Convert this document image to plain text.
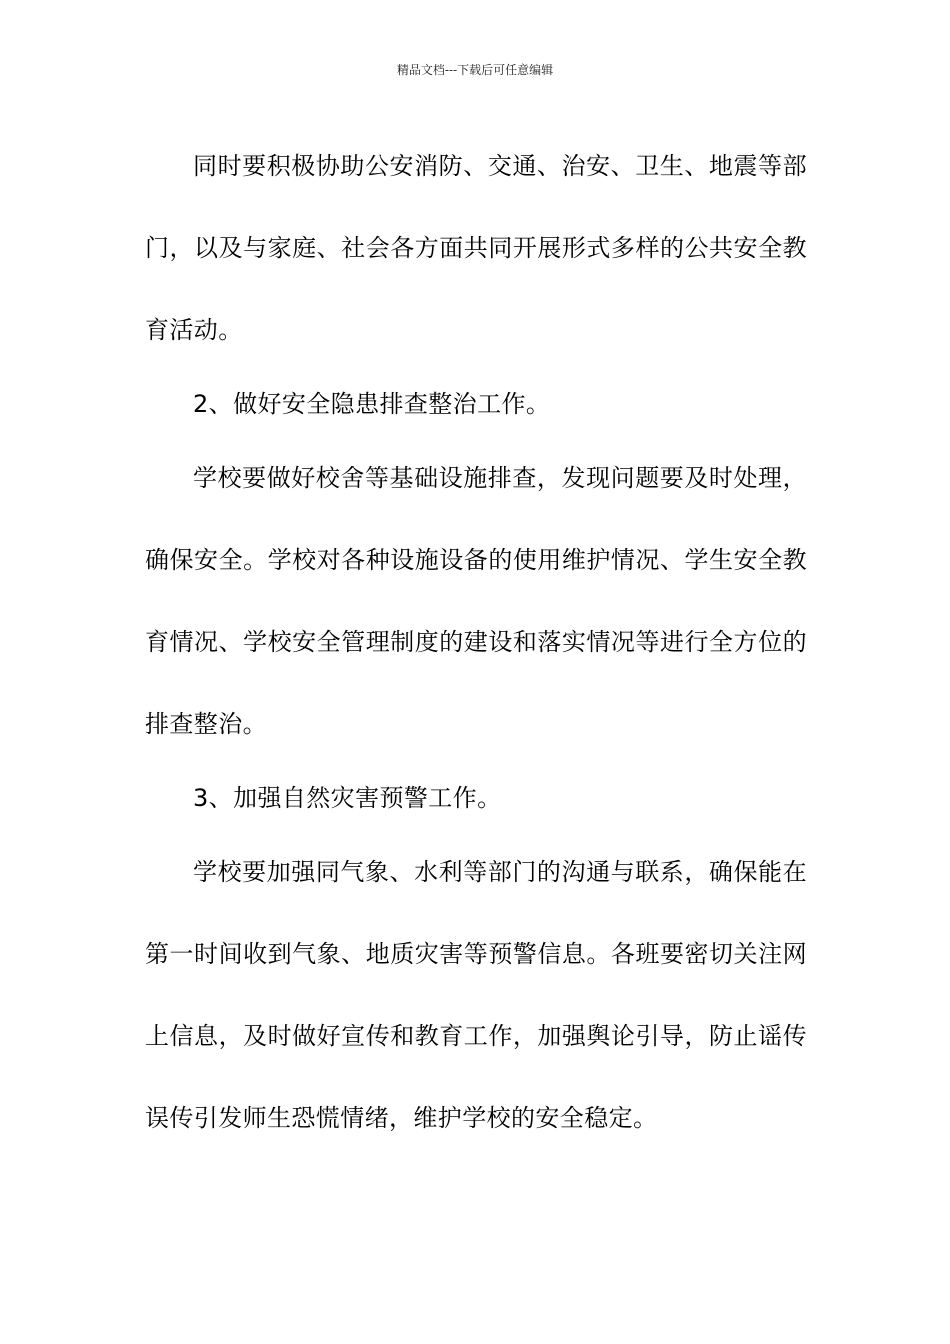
精品文档---下载后可任意编辑

同时要积极协助公安消防、交通、治安、卫生、地震等部门，以及与家庭、社会各方面共同开展形式多样的公共安全教育活动。

2、做好安全隐患排查整治工作。

学校要做好校舍等基础设施排查，发现问题要及时处理，确保安全。学校对各种设施设备的使用维护情况、学生安全教育情况、学校安全管理制度的建设和落实情况等进行全方位的排查整治。

3、加强自然灾害预警工作。

学校要加强同气象、水利等部门的沟通与联系，确保能在第一时间收到气象、地质灾害等预警信息。各班要密切关注网上信息，及时做好宣传和教育工作，加强舆论引导，防止谣传误传引发师生恐慌情绪，维护学校的安全稳定。
